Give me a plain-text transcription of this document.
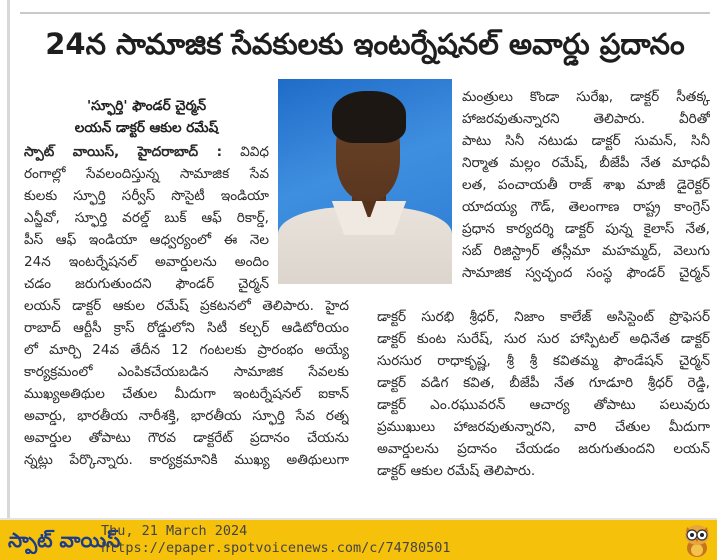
24న సామాజిక సేవకులకు ఇంటర్నేషనల్ అవార్డు ప్రదానం
'స్ఫూర్తి' ఫౌండర్ చైర్మన్
లయన్ డాక్టర్ ఆకుల రమేష్
స్పాట్ వాయిస్, హైదరాబాద్ : వివిధ
రంగాల్లో సేవలందిస్తున్న సామాజిక సేవ
కులకు స్ఫూర్తి సర్వీస్ సొసైటీ ఇండియా
ఎన్జీవో, స్ఫూర్తి వరల్డ్ బుక్ ఆఫ్ రికార్డ్,
పీస్ ఆఫ్ ఇండియా ఆధ్వర్యంలో ఈ నెల
24న ఇంటర్నేషనల్ అవార్డులను అందిం
చడం జరుగుతుందని ఫౌండర్ చైర్మన్
లయన్ డాక్టర్ ఆకుల రమేష్ ప్రకటనలో తెలిపారు. హైద
రాబాద్ ఆర్టీసీ క్రాస్ రోడ్డులోని సిటీ కల్చర్ ఆడిటోరియం
లో మార్చి 24వ తేదీన 12 గంటలకు ప్రారంభం అయ్యే
కార్యక్రమంలో ఎంపికచేయబడిన సామాజిక సేవలకు
ముఖ్యఅతిథుల చేతుల మీదుగా ఇంటర్నేషనల్ ఐకాన్
అవార్డు, భారతీయ నారీశక్తి, భారతీయ స్ఫూర్తి సేవ రత్న
అవార్డుల తోపాటు గౌరవ డాక్టరేట్ ప్రదానం చేయను
న్నట్లు పేర్కొన్నారు. కార్యక్రమానికి ముఖ్య అతిథులుగా
మంత్రులు కొండా సురేఖ, డాక్టర్ సీతక్క
హాజరవుతున్నారని తెలిపారు. వీరితో
పాటు సినీ నటుడు డాక్టర్ సుమన్, సినీ
నిర్మాత మల్లం రమేష్, బీజేపీ నేత మాధవీ
లత, పంచాయతీ రాజ్ శాఖ మాజీ డైరెక్టర్
యాదయ్య గౌడ్, తెలంగాణ రాష్ట్ర కాంగ్రెస్
ప్రధాన కార్యదర్శి డాక్టర్ పున్న కైలాస్ నేత,
సబ్ రిజిస్ట్రార్ తస్లీమా మహమ్మద్, వెలుగు
సామాజిక స్వచ్ఛంద సంస్థ ఫౌండర్ చైర్మన్
డాక్టర్ సురభి శ్రీధర్, నిజాం కాలేజ్ అసిస్టెంట్ ప్రొఫెసర్
డాక్టర్ కుంట సురేష్, సుర సుర హాస్పిటల్ అధినేత డాక్టర్
సురసుర రాధాకృష్ణ, శ్రీ శ్రీ కవితమ్మ ఫౌండేషన్ చైర్మన్
డాక్టర్ వడిగ కవిత, బీజేపీ నేత గూడూరి శ్రీధర్ రెడ్డి,
డాక్టర్ ఎం.రఘువరన్ ఆచార్య తోపాటు పలువురు
ప్రముఖులు హాజరవుతున్నారని, వారి చేతుల మీదుగా
అవార్డులను ప్రదానం చేయడం జరుగుతుందని లయన్
డాక్టర్ ఆకుల రమేష్ తెలిపారు.
స్పాట్ వాయిస్
Thu, 21 March 2024
https://epaper.spotvoicenews.com/c/74780501
